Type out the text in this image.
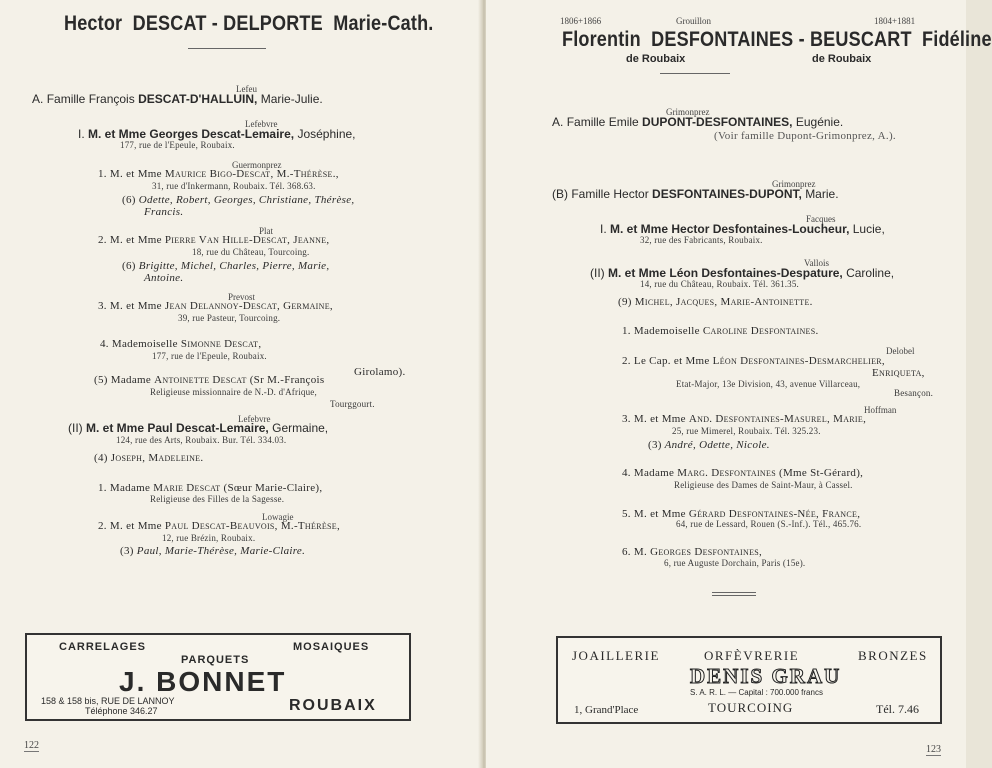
Hector DESCAT - DELPORTE Marie-Cath.
Lefeu
A. Famille François DESCAT-D'HALLUIN, Marie-Julie.
Lefebvre
I. M. et Mme Georges Descat-Lemaire, Joséphine,
177, rue de l'Epeule, Roubaix.
Guermonprez
1. M. et Mme Maurice Bigo-Descat, M.-Thérèse.,
31, rue d'Inkermann, Roubaix. Tél. 368.63.
(6) Odette, Robert, Georges, Christiane, Thérèse,
Francis.
Plat
2. M. et Mme Pierre Van Hille-Descat, Jeanne,
18, rue du Château, Tourcoing.
(6) Brigitte, Michel, Charles, Pierre, Marie,
Antoine.
Prevost
3. M. et Mme Jean Delannoy-Descat, Germaine,
39, rue Pasteur, Tourcoing.
4. Mademoiselle Simonne Descat,
177, rue de l'Epeule, Roubaix.
Girolamo).
(5) Madame Antoinette Descat (Sr M.-François
Religieuse missionnaire de N.-D. d'Afrique,
Tourggourt.
Lefebvre
(II) M. et Mme Paul Descat-Lemaire, Germaine,
124, rue des Arts, Roubaix. Bur. Tél. 334.03.
(4) Joseph, Madeleine.
1. Madame Marie Descat (Sœur Marie-Claire),
Religieuse des Filles de la Sagesse.
Lowagie
2. M. et Mme Paul Descat-Beauvois, M.-Thérèse,
12, rue Brézin, Roubaix.
(3) Paul, Marie-Thérèse, Marie-Claire.
CARRELAGES	MOSAIQUES
PARQUETS
J. BONNET
158 & 158 bis, RUE DE LANNOY
Téléphone 346.27	ROUBAIX
122
1806+1866	Grouillon	1804+1881
Florentin DESFONTAINES - BEUSCART Fidéline
de Roubaix	de Roubaix
Grimonprez
A. Famille Emile DUPONT-DESFONTAINES, Eugénie.
(Voir famille Dupont-Grimonprez, A.).
Grimonprez
(B) Famille Hector DESFONTAINES-DUPONT, Marie.
Facques
I. M. et Mme Hector Desfontaines-Loucheur, Lucie,
32, rue des Fabricants, Roubaix.
Vallois
(II) M. et Mme Léon Desfontaines-Despature, Caroline,
14, rue du Château, Roubaix. Tél. 361.35.
(9) Michel, Jacques, Marie-Antoinette.
1. Mademoiselle Caroline Desfontaines.
Delobel
2. Le Cap. et Mme Léon Desfontaines-Desmarchelier,
Enriqueta,
Etat-Major, 13e Division, 43, avenue Villarceau,
Besançon.
Hoffman
3. M. et Mme And. Desfontaines-Masurel, Marie,
25, rue Mimerel, Roubaix. Tél. 325.23.
(3) André, Odette, Nicole.
4. Madame Marg. Desfontaines (Mme St-Gérard),
Religieuse des Dames de Saint-Maur, à Cassel.
5. M. et Mme Gérard Desfontaines-Née, France,
64, rue de Lessard, Rouen (S.-Inf.). Tél., 465.76.
6. M. Georges Desfontaines,
6, rue Auguste Dorchain, Paris (15e).
JOAILLERIE	ORFÈVRERIE	BRONZES
DENIS GRAU
S. A. R. L. — Capital : 700.000 francs
1, Grand'Place	TOURCOING	Tél. 7.46
123
